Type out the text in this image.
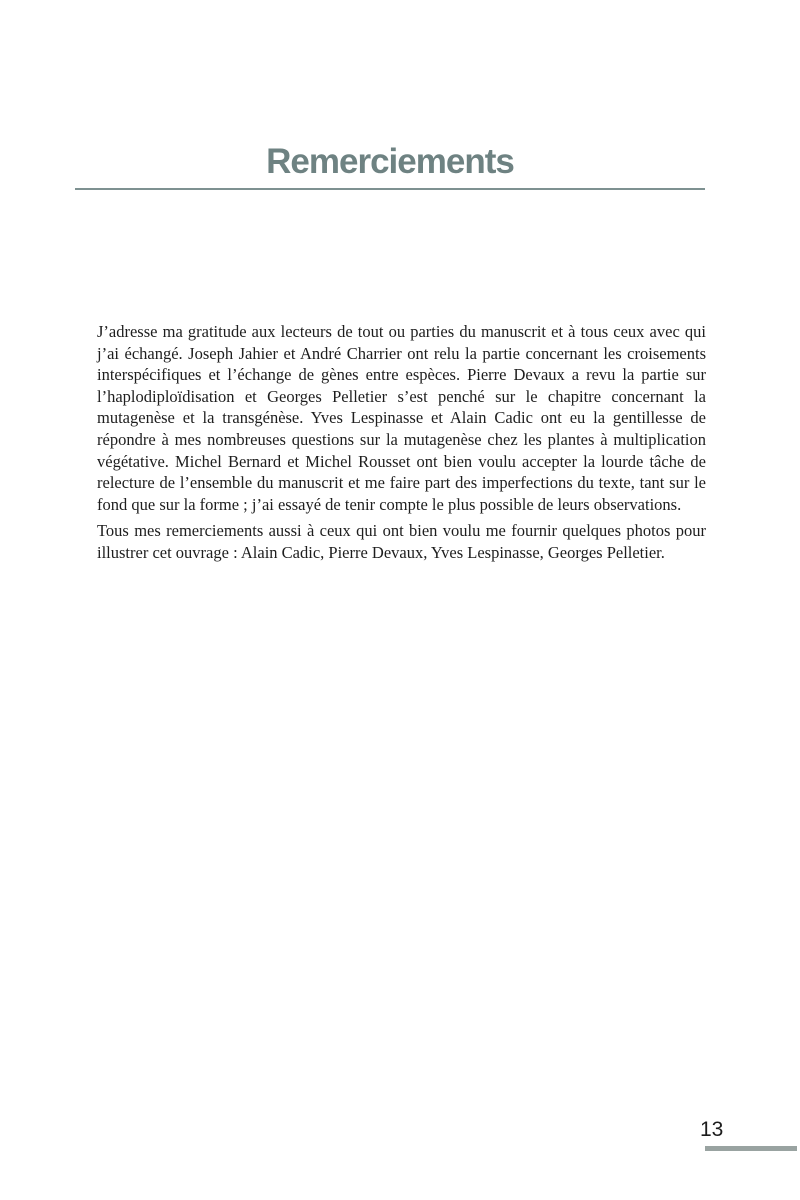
Remerciements

J’adresse ma gratitude aux lecteurs de tout ou parties du manuscrit et à tous ceux avec qui j’ai échangé. Joseph Jahier et André Charrier ont relu la partie concernant les croisements interspécifiques et l’échange de gènes entre espèces. Pierre Devaux a revu la partie sur l’haplodiploïdisation et Georges Pelletier s’est penché sur le chapitre concernant la mutagenèse et la transgénèse. Yves Lespinasse et Alain Cadic ont eu la gentillesse de répondre à mes nombreuses questions sur la mutagenèse chez les plantes à multiplication végétative. Michel Bernard et Michel Rousset ont bien voulu accepter la lourde tâche de relecture de l’ensemble du manuscrit et me faire part des imperfections du texte, tant sur le fond que sur la forme ; j’ai essayé de tenir compte le plus possible de leurs observations.

Tous mes remerciements aussi à ceux qui ont bien voulu me fournir quelques photos pour illustrer cet ouvrage : Alain Cadic, Pierre Devaux, Yves Lespinasse, Georges Pelletier.

13
